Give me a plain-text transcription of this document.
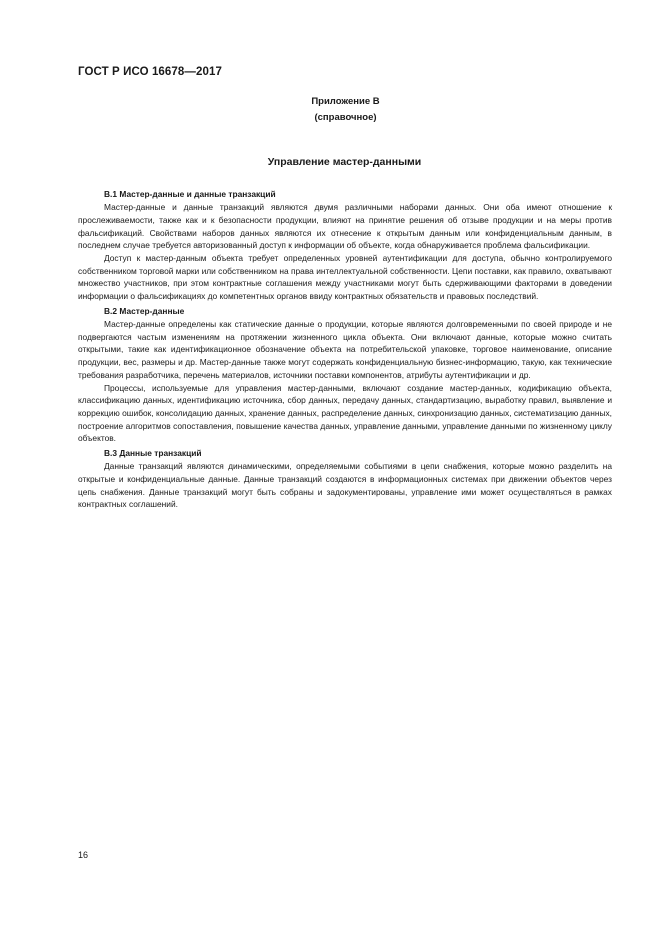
ГОСТ Р ИСО 16678—2017
Приложение В
(справочное)
Управление мастер-данными
В.1 Мастер-данные и данные транзакций

Мастер-данные и данные транзакций являются двумя различными наборами данных. Они оба имеют отношение к прослеживаемости, также как и к безопасности продукции, влияют на принятие решения об отзыве продукции и на меры против фальсификаций. Свойствами наборов данных являются их отнесение к открытым данным или конфиденциальным данным, в последнем случае требуется авторизованный доступ к информации об объекте, когда обнаруживается проблема фальсификации.

Доступ к мастер-данным объекта требует определенных уровней аутентификации для доступа, обычно контролируемого собственником торговой марки или собственником на права интеллектуальной собственности. Цепи поставки, как правило, охватывают множество участников, при этом контрактные соглашения между участниками могут быть сдерживающими факторами в доведении информации о фальсификациях до компетентных органов ввиду контрактных обязательств и правовых последствий.

В.2 Мастер-данные

Мастер-данные определены как статические данные о продукции, которые являются долговременными по своей природе и не подвергаются частым изменениям на протяжении жизненного цикла объекта. Они включают данные, которые можно считать открытыми, такие как идентификационное обозначение объекта на потребительской упаковке, торговое наименование, описание продукции, вес, размеры и др. Мастер-данные также могут содержать конфиденциальную бизнес-информацию, такую, как технические требования разработчика, перечень материалов, источники поставки компонентов, атрибуты аутентификации и др.

Процессы, используемые для управления мастер-данными, включают создание мастер-данных, кодификацию объекта, классификацию данных, идентификацию источника, сбор данных, передачу данных, стандартизацию, выработку правил, выявление и коррекцию ошибок, консолидацию данных, хранение данных, распределение данных, синхронизацию данных, систематизацию данных, построение алгоритмов сопоставления, повышение качества данных, управление данными, управление данными по жизненному циклу объектов.

В.3 Данные транзакций

Данные транзакций являются динамическими, определяемыми событиями в цепи снабжения, которые можно разделить на открытые и конфиденциальные данные. Данные транзакций создаются в информационных системах при движении объектов через цепь снабжения. Данные транзакций могут быть собраны и задокументированы, управление ими может осуществляться в рамках контрактных соглашений.

16
